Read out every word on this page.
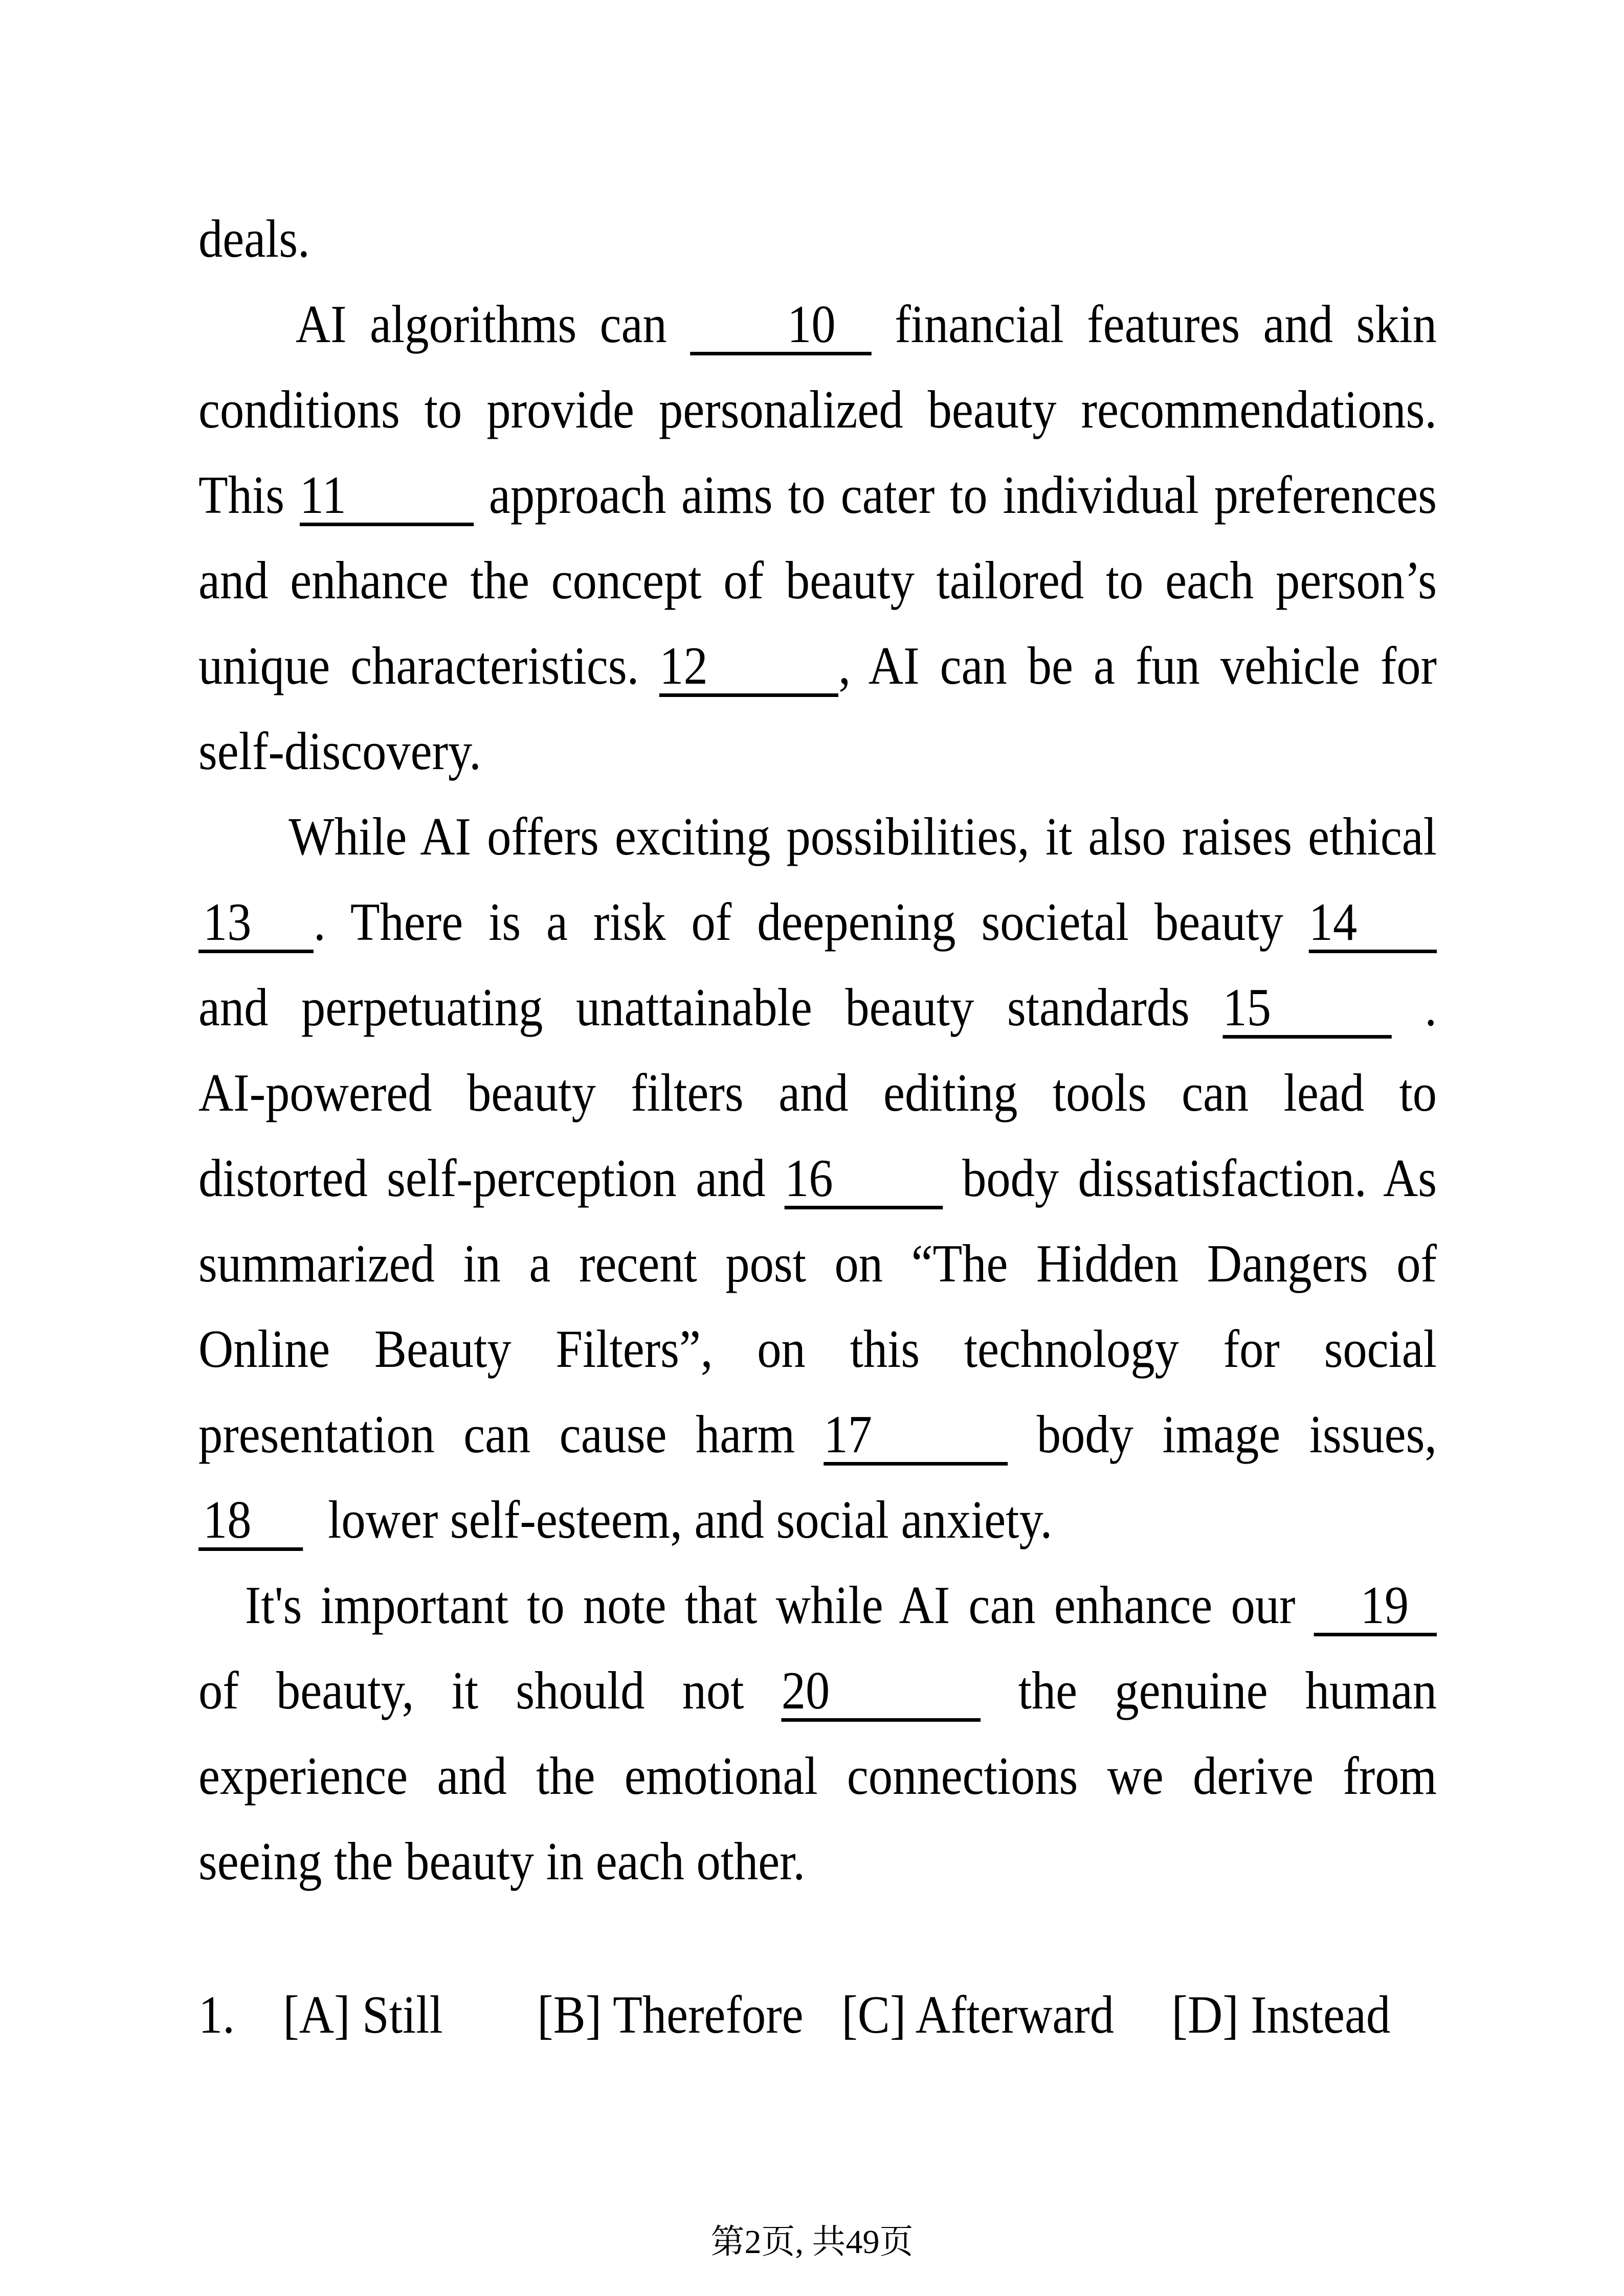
deals.
AI algorithms can 10 financial features and skin
conditions to provide personalized beauty recommendations.
This 11 approach aims to cater to individual preferences
and enhance the concept of beauty tailored to each person’s
unique characteristics. 12 , AI can be a fun vehicle for
self-discovery.
While AI offers exciting possibilities, it also raises ethical
13 . There is a risk of deepening societal beauty 14
and perpetuating unattainable beauty standards 15 .
AI-powered beauty filters and editing tools can lead to
distorted self-perception and 16 body dissatisfaction. As
summarized in a recent post on “The Hidden Dangers of
Online Beauty Filters”, on this technology for social
presentation can cause harm 17	body image issues,
18 lower self-esteem, and social anxiety.
It's important to note that while AI can enhance our 19
of beauty, it should not 20	the genuine human
experience and the emotional connections we derive from
seeing the beauty in each other.
1. [A] Still [B] Therefore [C] Afterward [D] Instead
第2页, 共49页
